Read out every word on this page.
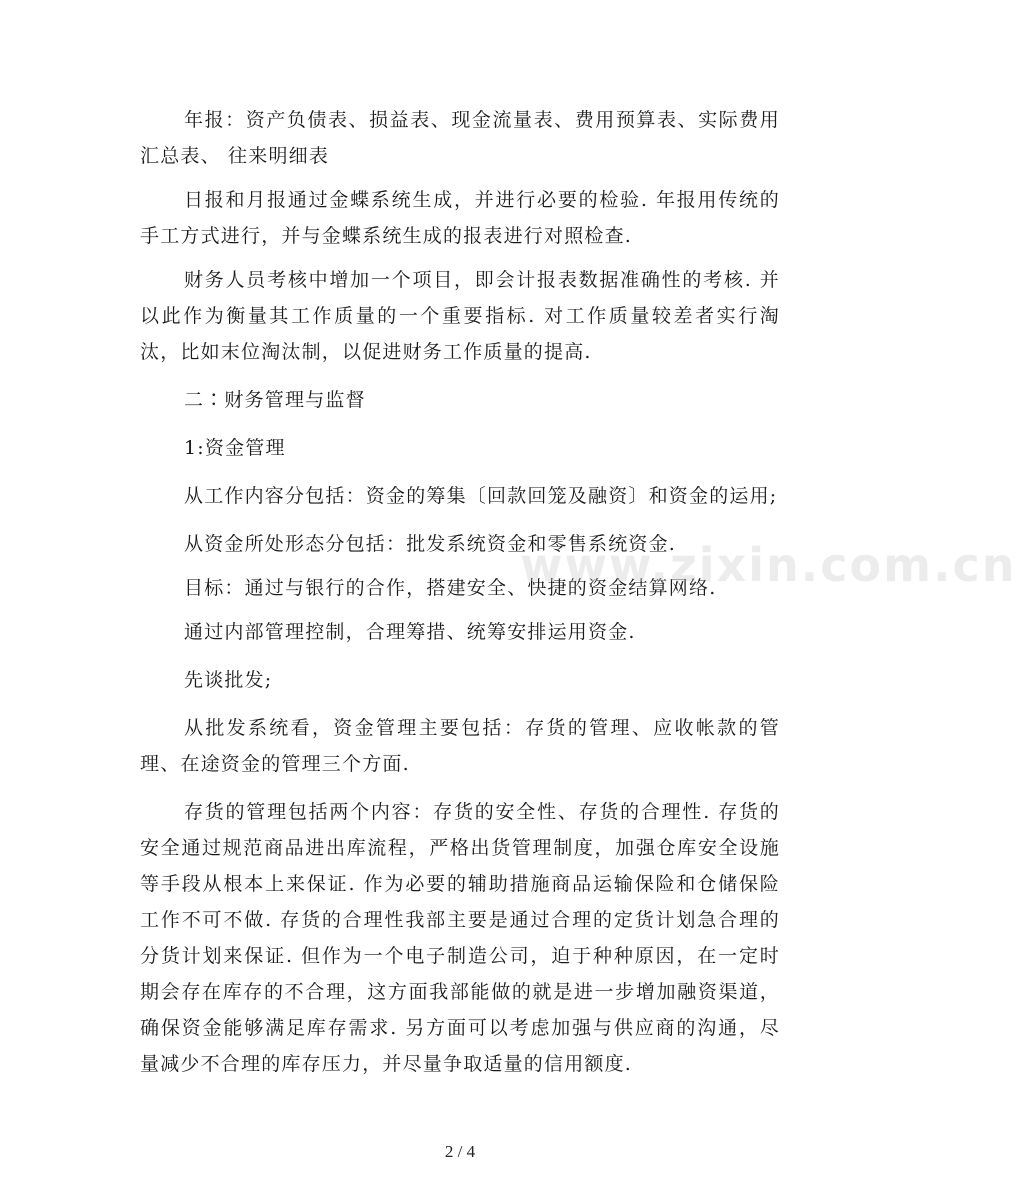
年报：资产负债表、损益表、现金流量表、费用预算表、实际费用汇总表、 往来明细表

日报和月报通过金蝶系统生成，并进行必要的检验. 年报用传统的手工方式进行，并与金蝶系统生成的报表进行对照检查.

财务人员考核中增加一个项目，即会计报表数据准确性的考核. 并以此作为衡量其工作质量的一个重要指标. 对工作质量较差者实行淘汰，比如末位淘汰制，以促进财务工作质量的提高.

二∶财务管理与监督

1:资金管理

从工作内容分包括：资金的筹集〔回款回笼及融资〕和资金的运用;

从资金所处形态分包括：批发系统资金和零售系统资金.

目标：通过与银行的合作，搭建安全、快捷的资金结算网络.

通过内部管理控制，合理筹措、统筹安排运用资金.

先谈批发;

从批发系统看，资金管理主要包括：存货的管理、应收帐款的管理、在途资金的管理三个方面.

存货的管理包括两个内容：存货的安全性、存货的合理性. 存货的安全通过规范商品进出库流程，严格出货管理制度，加强仓库安全设施等手段从根本上来保证. 作为必要的辅助措施商品运输保险和仓储保险工作不可不做. 存货的合理性我部主要是通过合理的定货计划急合理的分货计划来保证. 但作为一个电子制造公司，迫于种种原因，在一定时期会存在库存的不合理，这方面我部能做的就是进一步增加融资渠道，确保资金能够满足库存需求. 另方面可以考虑加强与供应商的沟通，尽量减少不合理的库存压力，并尽量争取适量的信用额度.

www.zixin.com.cn
2 / 4
